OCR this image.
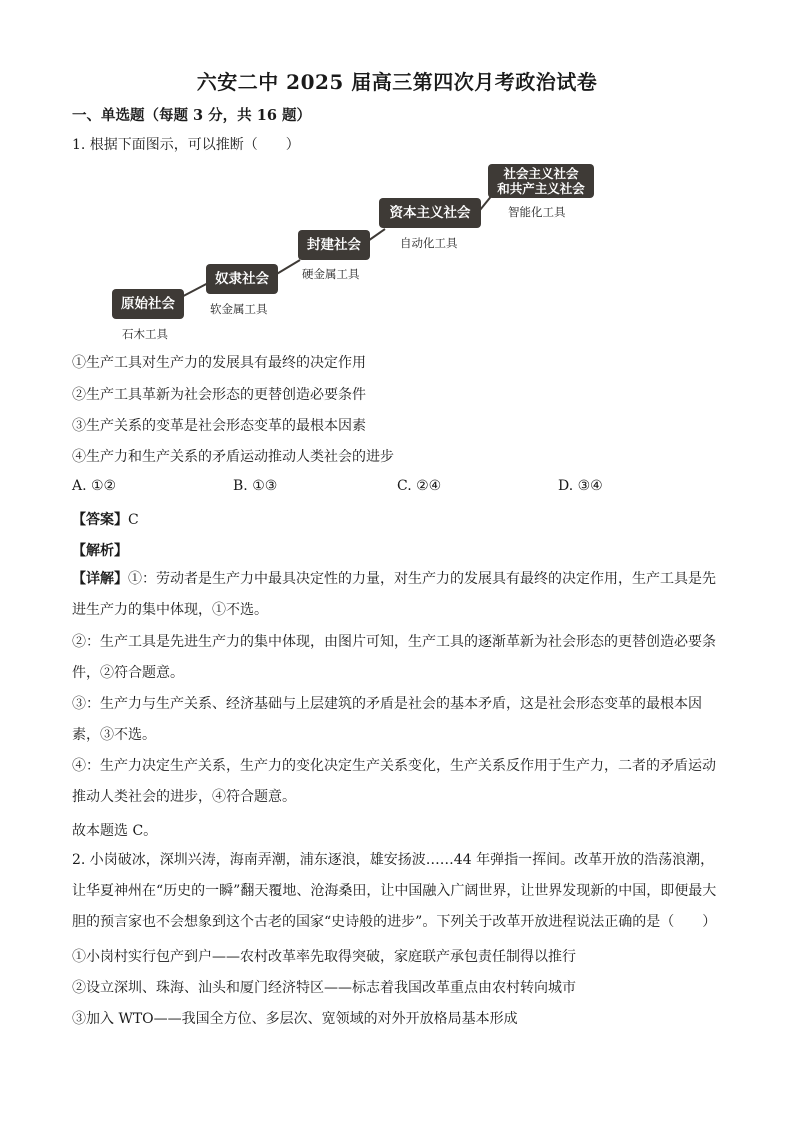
六安二中 2025 届高三第四次月考政治试卷
一、单选题（每题 3 分，共 16 题）
1. 根据下面图示，可以推断（　　）
原始社会
石木工具
奴隶社会
软金属工具
封建社会
硬金属工具
资本主义社会
自动化工具
社会主义社会
和共产主义社会
智能化工具
①生产工具对生产力的发展具有最终的决定作用
②生产工具革新为社会形态的更替创造必要条件
③生产关系的变革是社会形态变革的最根本因素
④生产力和生产关系的矛盾运动推动人类社会的进步
A. ①②	B. ①③	C. ②④	D. ③④
【答案】C
【解析】
【详解】①：劳动者是生产力中最具决定性的力量，对生产力的发展具有最终的决定作用，生产工具是先进生产力的集中体现，①不选。
②：生产工具是先进生产力的集中体现，由图片可知，生产工具的逐渐革新为社会形态的更替创造必要条件，②符合题意。
③：生产力与生产关系、经济基础与上层建筑的矛盾是社会的基本矛盾，这是社会形态变革的最根本因素，③不选。
④：生产力决定生产关系，生产力的变化决定生产关系变化，生产关系反作用于生产力，二者的矛盾运动推动人类社会的进步，④符合题意。
故本题选 C。
2. 小岗破冰，深圳兴涛，海南弄潮，浦东逐浪，雄安扬波……44 年弹指一挥间。改革开放的浩荡浪潮，让华夏神州在“历史的一瞬”翻天覆地、沧海桑田，让中国融入广阔世界，让世界发现新的中国，即便最大胆的预言家也不会想象到这个古老的国家“史诗般的进步”。下列关于改革开放进程说法正确的是（　　）
①小岗村实行包产到户——农村改革率先取得突破，家庭联产承包责任制得以推行
②设立深圳、珠海、汕头和厦门经济特区——标志着我国改革重点由农村转向城市
③加入 WTO——我国全方位、多层次、宽领域的对外开放格局基本形成
